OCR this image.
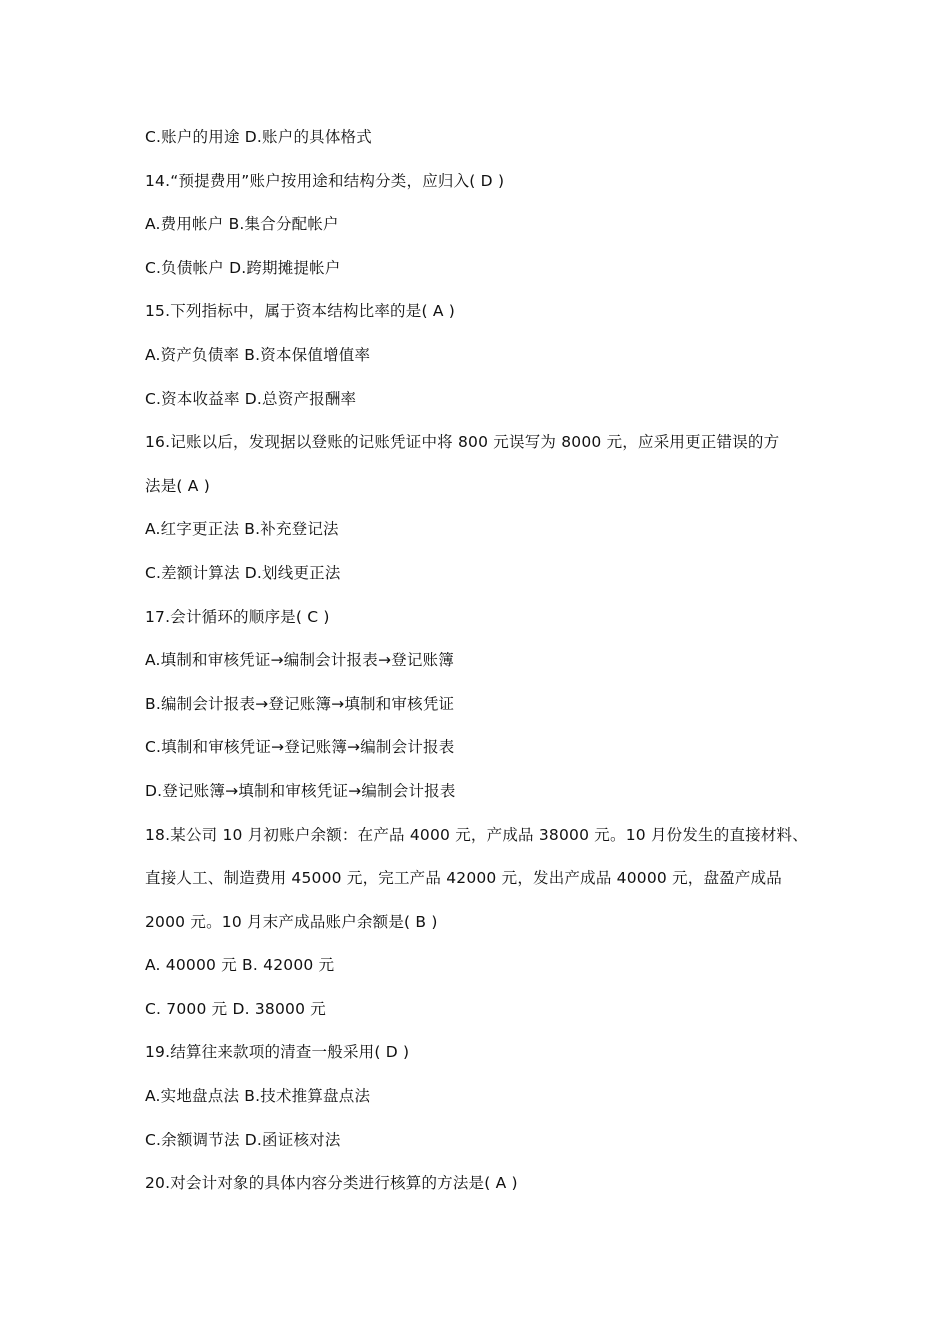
C.账户的用途 D.账户的具体格式
14.“预提费用”账户按用途和结构分类，应归入( D )
A.费用帐户 B.集合分配帐户
C.负债帐户 D.跨期摊提帐户
15.下列指标中，属于资本结构比率的是( A )
A.资产负债率 B.资本保值增值率
C.资本收益率 D.总资产报酬率
16.记账以后，发现据以登账的记账凭证中将 800 元误写为 8000 元，应采用更正错误的方
法是( A )
A.红字更正法 B.补充登记法
C.差额计算法 D.划线更正法
17.会计循环的顺序是( C )
A.填制和审核凭证→编制会计报表→登记账簿
B.编制会计报表→登记账簿→填制和审核凭证
C.填制和审核凭证→登记账簿→编制会计报表
D.登记账簿→填制和审核凭证→编制会计报表
18.某公司 10 月初账户余额：在产品 4000 元，产成品 38000 元。10 月份发生的直接材料、
直接人工、制造费用 45000 元，完工产品 42000 元，发出产成品 40000 元，盘盈产成品
2000 元。10 月末产成品账户余额是( B )
A. 40000 元 B. 42000 元
C. 7000 元 D. 38000 元
19.结算往来款项的清查一般采用( D )
A.实地盘点法 B.技术推算盘点法
C.余额调节法 D.函证核对法
20.对会计对象的具体内容分类进行核算的方法是( A )
